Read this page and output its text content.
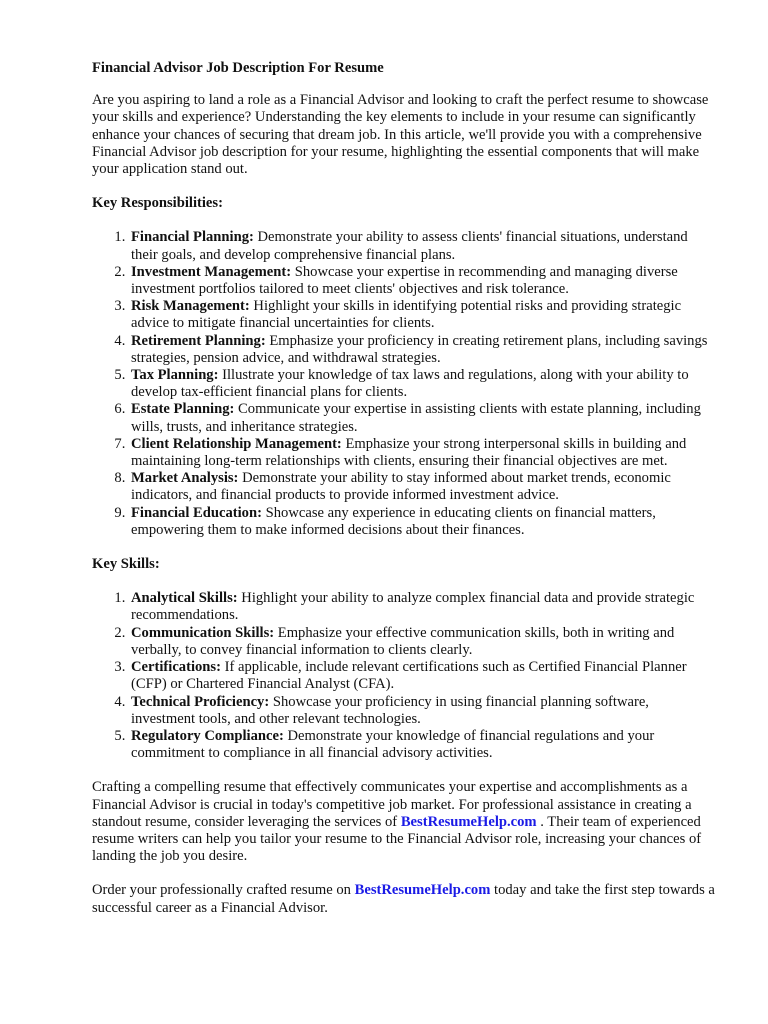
Financial Advisor Job Description For Resume

Are you aspiring to land a role as a Financial Advisor and looking to craft the perfect resume to showcase your skills and experience? Understanding the key elements to include in your resume can significantly enhance your chances of securing that dream job. In this article, we'll provide you with a comprehensive Financial Advisor job description for your resume, highlighting the essential components that will make your application stand out.

Key Responsibilities:
1. Financial Planning: Demonstrate your ability to assess clients' financial situations, understand their goals, and develop comprehensive financial plans.
2. Investment Management: Showcase your expertise in recommending and managing diverse investment portfolios tailored to meet clients' objectives and risk tolerance.
3. Risk Management: Highlight your skills in identifying potential risks and providing strategic advice to mitigate financial uncertainties for clients.
4. Retirement Planning: Emphasize your proficiency in creating retirement plans, including savings strategies, pension advice, and withdrawal strategies.
5. Tax Planning: Illustrate your knowledge of tax laws and regulations, along with your ability to develop tax-efficient financial plans for clients.
6. Estate Planning: Communicate your expertise in assisting clients with estate planning, including wills, trusts, and inheritance strategies.
7. Client Relationship Management: Emphasize your strong interpersonal skills in building and maintaining long-term relationships with clients, ensuring their financial objectives are met.
8. Market Analysis: Demonstrate your ability to stay informed about market trends, economic indicators, and financial products to provide informed investment advice.
9. Financial Education: Showcase any experience in educating clients on financial matters, empowering them to make informed decisions about their finances.
Key Skills:
1. Analytical Skills: Highlight your ability to analyze complex financial data and provide strategic recommendations.
2. Communication Skills: Emphasize your effective communication skills, both in writing and verbally, to convey financial information to clients clearly.
3. Certifications: If applicable, include relevant certifications such as Certified Financial Planner (CFP) or Chartered Financial Analyst (CFA).
4. Technical Proficiency: Showcase your proficiency in using financial planning software, investment tools, and other relevant technologies.
5. Regulatory Compliance: Demonstrate your knowledge of financial regulations and your commitment to compliance in all financial advisory activities.

Crafting a compelling resume that effectively communicates your expertise and accomplishments as a Financial Advisor is crucial in today's competitive job market. For professional assistance in creating a standout resume, consider leveraging the services of BestResumeHelp.com . Their team of experienced resume writers can help you tailor your resume to the Financial Advisor role, increasing your chances of landing the job you desire.

Order your professionally crafted resume on BestResumeHelp.com today and take the first step towards a successful career as a Financial Advisor.
